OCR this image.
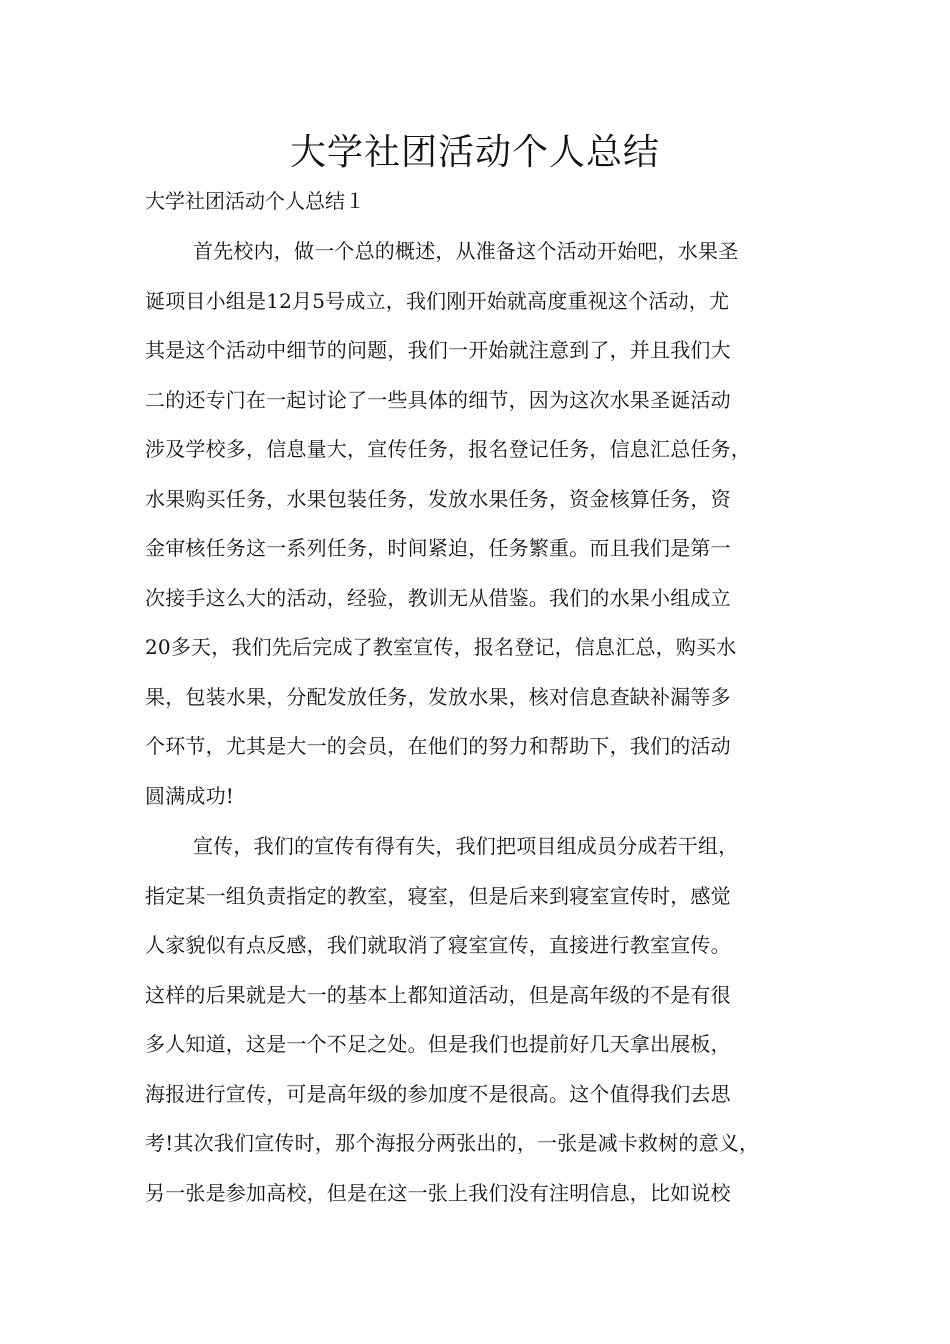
大学社团活动个人总结

大学社团活动个人总结１

首先校内，做一个总的概述，从准备这个活动开始吧，水果圣

诞项目小组是12月5号成立，我们刚开始就高度重视这个活动，尤

其是这个活动中细节的问题，我们一开始就注意到了，并且我们大

二的还专门在一起讨论了一些具体的细节，因为这次水果圣诞活动

涉及学校多，信息量大，宣传任务，报名登记任务，信息汇总任务，

水果购买任务，水果包装任务，发放水果任务，资金核算任务，资

金审核任务这一系列任务，时间紧迫，任务繁重。而且我们是第一

次接手这么大的活动，经验，教训无从借鉴。我们的水果小组成立

20多天，我们先后完成了教室宣传，报名登记，信息汇总，购买水

果，包装水果，分配发放任务，发放水果，核对信息查缺补漏等多

个环节，尤其是大一的会员，在他们的努力和帮助下，我们的活动

圆满成功!

宣传，我们的宣传有得有失，我们把项目组成员分成若干组，

指定某一组负责指定的教室，寝室，但是后来到寝室宣传时，感觉

人家貌似有点反感，我们就取消了寝室宣传，直接进行教室宣传。

这样的后果就是大一的基本上都知道活动，但是高年级的不是有很

多人知道，这是一个不足之处。但是我们也提前好几天拿出展板，

海报进行宣传，可是高年级的参加度不是很高。这个值得我们去思

考!其次我们宣传时，那个海报分两张出的，一张是减卡救树的意义，

另一张是参加高校，但是在这一张上我们没有注明信息，比如说校
